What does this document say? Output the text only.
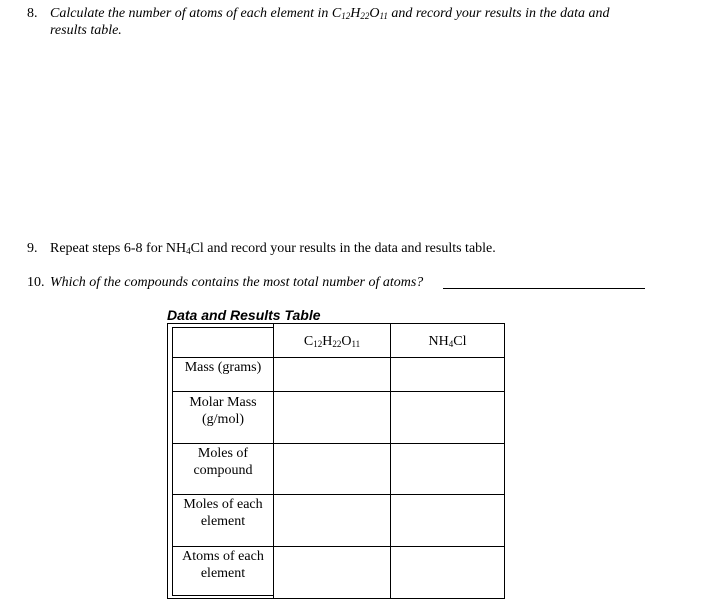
8. Calculate the number of atoms of each element in $C_{12}H_{22}O_{11}$ and record your results in the data and
results table.
9. Repeat steps 6-8 for $NH_4Cl$ and record your results in the data and results table.
10. Which of the compounds contains the most total number of atoms?
Data and Results Table
$C_{12}H_{22}O_{11}$	$NH_4Cl$
Mass (grams)
Molar Mass
(g/mol)
Moles of
compound
Moles of each
element
Atoms of each
element
